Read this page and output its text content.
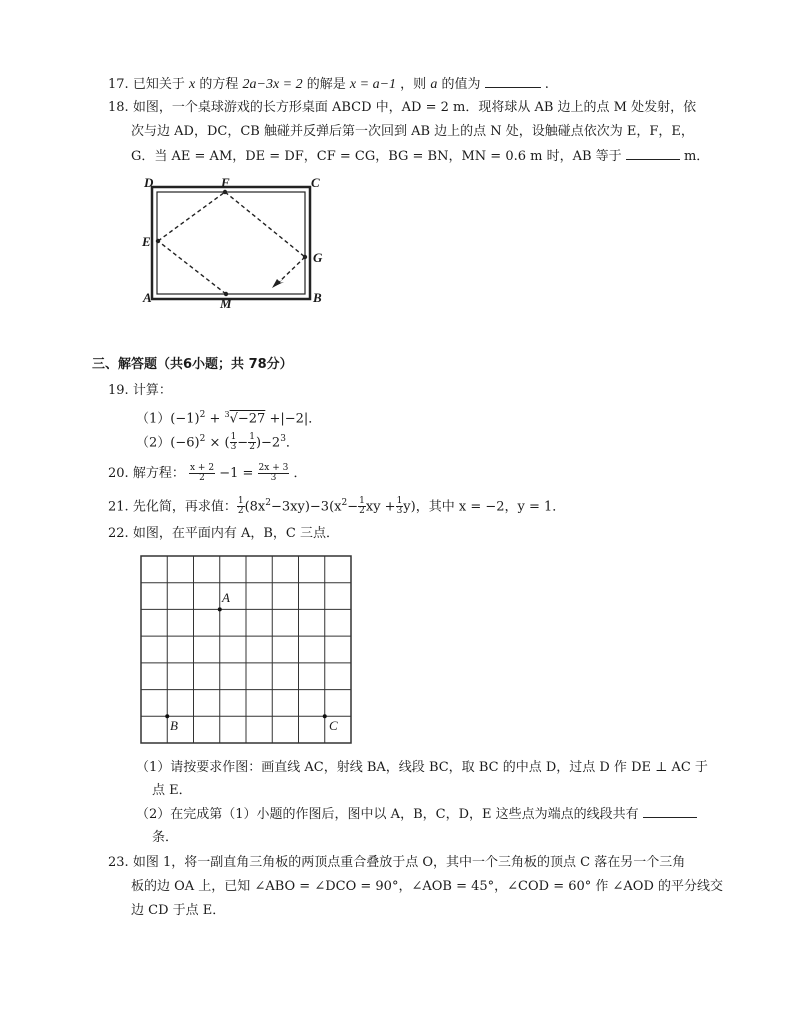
17. 已知关于 x 的方程 2a−3x = 2 的解是 x = a−1 ，则 a 的值为	.
18. 如图，一个桌球游戏的长方形桌面 ABCD 中，AD = 2 m．现将球从 AB 边上的点 M 处发射，依
次与边 AD，DC，CB 触碰并反弹后第一次回到 AB 边上的点 N 处，设触碰点依次为 E，F，E，
G．当 AE = AM，DE = DF，CF = CG，BG = BN，MN = 0.6 m 时，AB 等于	m．
D	F	C
E
G
A	M	B
三、解答题（共6小题；共 78分）
19. 计算：
$(1)(-1)^2 + ^3√-27 +|-2|$．
$(2)(-6)^2$ × ( $\frac{1}{3} - \frac{1}{2} )-2^3$．
20. 解方程： $\frac{x + 2}{2} -1 = \frac{2x + 3}{3}$ ．
21. 先化简，再求值： $\frac{1}{2} (8x^2-3xy)-3(x^2- \frac{1}{2}$ xy + $\frac{1}{3} y$)，其中 x = −2，y = 1．
22. 如图，在平面内有 A，B，C 三点．
A
B	C
（1）请按要求作图：画直线 AC，射线 BA，线段 BC，取 BC 的中点 D，过点 D 作 DE ⊥ AC 于
点 E．
（2）在完成第（1）小题的作图后，图中以 A，B，C，D，E 这些点为端点的线段共有
条．
23. 如图 1，将一副直角三角板的两顶点重合叠放于点 O，其中一个三角板的顶点 C 落在另一个三角
板的边 OA 上，已知 ∠ABO = ∠DCO = 90°，∠AOB = 45°，∠COD = 60° 作 ∠AOD 的平分线交
边 CD 于点 E．
